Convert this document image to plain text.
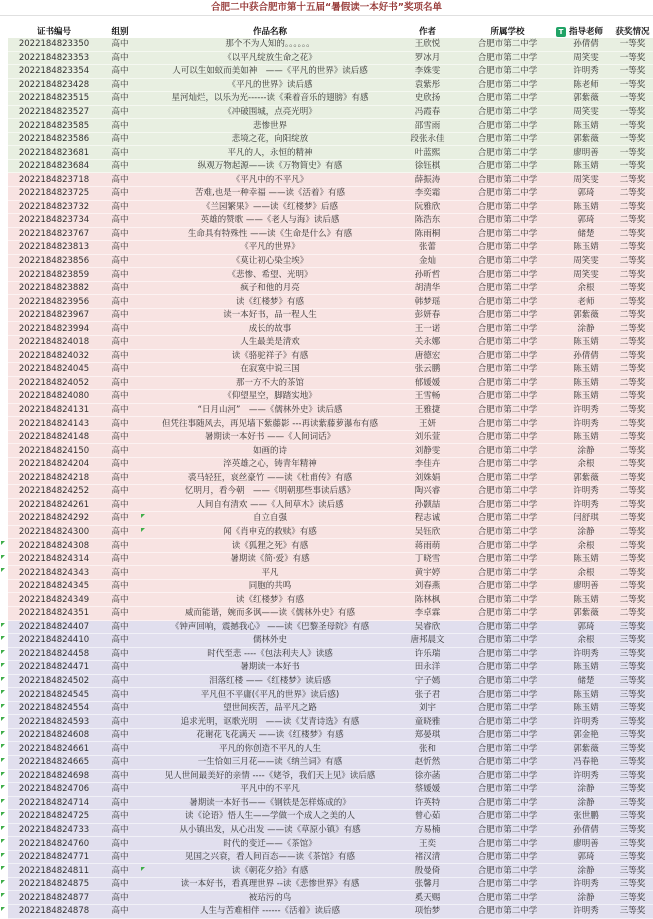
合肥二中获合肥市第十五届“暑假读一本好书”奖项名单
证书编号	组别	作品名称	作者	所属学校	T 指导老师	获奖情况
2022184823350	高中	那个不为人知的。。。。。。	王欣悦	合肥市第二中学	孙倩倩	一等奖
2022184823353	高中	《以平凡绽放生命之花》	罗冰月	合肥市第二中学	周笑雯	一等奖
2022184823354	高中	人可以生如蚁而美如神　——《平凡的世界》读后感	李姝雯	合肥市第二中学	许明秀	一等奖
2022184823428	高中	《平凡的世界》读后感	袁紫彤	合肥市第二中学	陈老师	一等奖
2022184823515	高中	星河灿烂，以乐为光------读《乘着音乐的翅膀》有感	史欣扬	合肥市第二中学	郭紫薇	一等奖
2022184823527	高中	《冲破围城，点亮光明》	冯霞春	合肥市第二中学	周笑雯	一等奖
2022184823585	高中	悲惨世界	邵雪雨	合肥市第二中学	陈玉婧	一等奖
2022184823586	高中	悲境之花，向阳绽放	段张永佳	合肥市第二中学	郭紫薇	一等奖
2022184823681	高中	平凡的人，永恒的精神	叶蓝熙	合肥市第二中学	廖明善	一等奖
2022184823684	高中	纵观万物起源——读《万物简史》有感	徐钰棋	合肥市第二中学	陈玉婧	一等奖
2022184823718	高中	《平凡中的不平凡》	薛振涛	合肥市第二中学	周笑雯	二等奖
2022184823725	高中	苦难,也是一种幸福 ——读《活着》有感	李奕霜	合肥市第二中学	郭琦	二等奖
2022184823732	高中	《兰园繁果》——读《红楼梦》后感	阮雅欣	合肥市第二中学	陈玉婧	二等奖
2022184823734	高中	英雄的赞歌 ——《老人与海》读后感	陈浩东	合肥市第二中学	郭琦	二等奖
2022184823767	高中	生命具有特殊性 ——读《生命是什么》有感	陈雨桐	合肥市第二中学	储楚	二等奖
2022184823813	高中	《平凡的世界》	张蕾	合肥市第二中学	陈玉婧	二等奖
2022184823856	高中	《莫让初心染尘埃》	金灿	合肥市第二中学	周笑雯	二等奖
2022184823859	高中	《悲惨、希望、光明》	孙昕哲	合肥市第二中学	周笑雯	二等奖
2022184823882	高中	疯子和他的月亮	胡清华	合肥市第二中学	余根	二等奖
2022184823956	高中	读《红楼梦》有感	韩梦瑶	合肥市第二中学	老师	二等奖
2022184823967	高中	读一本好书，品一程人生	彭妍春	合肥市第二中学	郭紫薇	二等奖
2022184823994	高中	成长的故事	王一诺	合肥市第二中学	涂静	二等奖
2022184824018	高中	人生最美是清欢	关永娜	合肥市第二中学	陈玉婧	二等奖
2022184824032	高中	读《骆驼祥子》有感	唐德宏	合肥市第二中学	孙倩倩	二等奖
2022184824045	高中	在寂寞中说三国	张云鹏	合肥市第二中学	陈玉婧	二等奖
2022184824052	高中	那一方不大的茶馆	郁媛媛	合肥市第二中学	陈玉婧	二等奖
2022184824080	高中	《仰望星空，脚踏实地》	王雪畅	合肥市第二中学	陈玉婧	二等奖
2022184824131	高中	“日月山河”　——《儒林外史》读后感	王雅捷	合肥市第二中学	许明秀	二等奖
2022184824143	高中	但凭往事随风去，再见墙下紫藤影 ---再读紫藤萝瀑布有感	王妍	合肥市第二中学	许明秀	二等奖
2022184824148	高中	暑期读一本好书 ——《人间词话》	刘乐萱	合肥市第二中学	陈玉婧	二等奖
2022184824150	高中	如画的诗	刘静雯	合肥市第二中学	涂静	二等奖
2022184824204	高中	淬英雄之心，铸青年精神	李佳卉	合肥市第二中学	余根	二等奖
2022184824218	高中	裘马轻狂，哀丝豪竹 ——读《杜甫传》有感	刘姝娟	合肥市第二中学	郭紫薇	二等奖
2022184824252	高中	忆明月，看今朝　——《明朝那些事读后感》	陶兴睿	合肥市第二中学	许明秀	二等奖
2022184824261	高中	人间自有清欢 ——《人间草木》读后感	孙颢喆	合肥市第二中学	许明秀	二等奖
2022184824292	高中	自立自强	程志诚	合肥市第二中学	闫舒琪	二等奖
2022184824300	高中	闻《肖申克的救赎》有感	吴钰欣	合肥市第二中学	涂静	二等奖
2022184824308	高中	读《狐狸之死》有感	蒋雨萌	合肥市第二中学	余根	二等奖
2022184824314	高中	暑期读《简·爱》有感	丁晓雪	合肥市第二中学	陈玉婧	二等奖
2022184824343	高中	平凡	黄宇婷	合肥市第二中学	余根	二等奖
2022184824345	高中	同胞的共鸣	刘春燕	合肥市第二中学	廖明善	二等奖
2022184824349	高中	读《红楼梦》有感	陈林枫	合肥市第二中学	陈玉婧	二等奖
2022184824351	高中	威而能谐，婉而多讽——读《儒林外史》有感	李卓霖	合肥市第二中学	郭紫薇	二等奖
2022184824407	高中	《钟声回响，震撼我心》 ——读《巴黎圣母院》有感	吴睿欣	合肥市第二中学	郭琦	三等奖
2022184824410	高中	儒林外史	唐邦晨文	合肥市第二中学	余根	三等奖
2022184824458	高中	时代至悲 ----《包法利夫人》读感	许乐瑞	合肥市第二中学	许明秀	三等奖
2022184824471	高中	暑期读一本好书	田永洋	合肥市第二中学	陈玉婧	三等奖
2022184824502	高中	泪落红楼 ——《红楼梦》读后感	宁子嫣	合肥市第二中学	储楚	三等奖
2022184824545	高中	平凡但不平庸(《平凡的世界》读后感)	张子君	合肥市第二中学	陈玉婧	三等奖
2022184824554	高中	望世间疾苦，品平凡之路	刘宇	合肥市第二中学	陈玉婧	三等奖
2022184824593	高中	追求光明，讴歌光明　——读《艾青诗选》有感	童晓雅	合肥市第二中学	许明秀	三等奖
2022184824608	高中	花谢花飞花满天 ——读《红楼梦》有感	郑晏琪	合肥市第二中学	郭金艳	三等奖
2022184824661	高中	平凡的你创造不平凡的人生	张和	合肥市第二中学	郭紫薇	三等奖
2022184824665	高中	一生恰如三月花——读《纳兰词》有感	赵忻然	合肥市第二中学	冯春艳	三等奖
2022184824698	高中	见人世间最美好的亲情 ----《姥爷，我们天上见》读后感	徐亦菡	合肥市第二中学	许明秀	三等奖
2022184824706	高中	平凡中的不平凡	蔡媛媛	合肥市第二中学	涂静	三等奖
2022184824714	高中	暑期读一本好书——《钢铁是怎样炼成的》	许英特	合肥市第二中学	涂静	三等奖
2022184824725	高中	读《论语》悟人生——学做一个成人之美的人	曾心茹	合肥市第二中学	张世鹏	三等奖
2022184824733	高中	从小镇出发，从心出发 ——读《草原小镇》有感	方易楠	合肥市第二中学	孙倩倩	三等奖
2022184824760	高中	时代的变迁——《茶馆》	王奕	合肥市第二中学	廖明善	三等奖
2022184824771	高中	见国之兴衰，看人间百态——读《茶馆》有感	褚汉清	合肥市第二中学	郭琦	三等奖
2022184824811	高中	读《朝花夕拾》有感	殷曼倚	合肥市第二中学	涂静	三等奖
2022184824875	高中	读一本好书，看真理世界 --读《悲惨世界》有感	张馨月	合肥市第二中学	许明秀	三等奖
2022184824877	高中	被玷污的鸟	奚天赐	合肥市第二中学	涂静	三等奖
2022184824878	高中	人生与苦难相伴 ------《活着》读后感	项怡梦	合肥市第二中学	许明秀	三等奖
